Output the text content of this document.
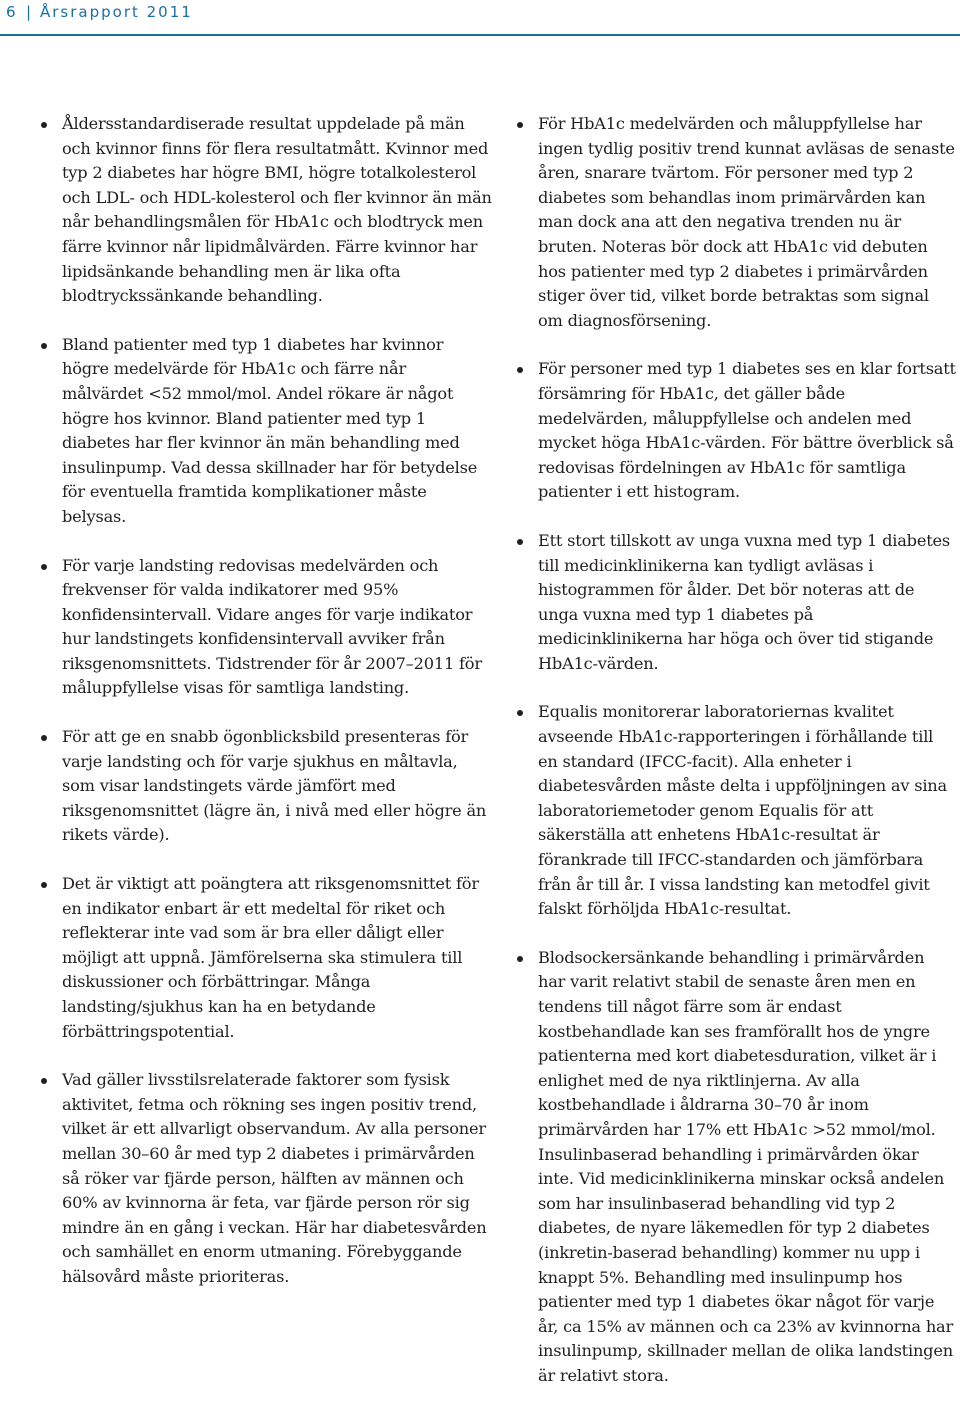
6 | Årsrapport 2011

Åldersstandardiserade resultat uppdelade på män och kvinnor finns för flera resultatmått. Kvinnor med typ 2 diabetes har högre BMI, högre totalkolesterol och LDL- och HDL-kolesterol och fler kvinnor än män når behandlingsmålen för HbA1c och blodtryck men färre kvinnor når lipidmålvärden. Färre kvinnor har lipidsänkande behandling men är lika ofta blodtryckssänkande behandling.

Bland patienter med typ 1 diabetes har kvinnor högre medelvärde för HbA1c och färre når målvärdet <52 mmol/mol. Andel rökare är något högre hos kvinnor. Bland patienter med typ 1 diabetes har fler kvinnor än män behandling med insulinpump. Vad dessa skillnader har för betydelse för eventuella framtida komplikationer måste belysas.

För varje landsting redovisas medelvärden och frekvenser för valda indikatorer med 95% konfidensintervall. Vidare anges för varje indikator hur landstingets konfidensintervall avviker från riksgenomsnittets. Tidstrender för år 2007–2011 för måluppfyllelse visas för samtliga landsting.

För att ge en snabb ögonblicksbild presenteras för varje landsting och för varje sjukhus en måltavla, som visar landstingets värde jämfört med riksgenomsnittet (lägre än, i nivå med eller högre än rikets värde).

Det är viktigt att poängtera att riksgenomsnittet för en indikator enbart är ett medeltal för riket och reflekterar inte vad som är bra eller dåligt eller möjligt att uppnå. Jämförelserna ska stimulera till diskussioner och förbättringar. Många landsting/sjukhus kan ha en betydande förbättringspotential.

Vad gäller livsstilsrelaterade faktorer som fysisk aktivitet, fetma och rökning ses ingen positiv trend, vilket är ett allvarligt observandum. Av alla personer mellan 30–60 år med typ 2 diabetes i primärvården så röker var fjärde person, hälften av männen och 60% av kvinnorna är feta, var fjärde person rör sig mindre än en gång i veckan. Här har diabetesvården och samhället en enorm utmaning. Förebyggande hälsovård måste prioriteras.

För HbA1c medelvärden och måluppfyllelse har ingen tydlig positiv trend kunnat avläsas de senaste åren, snarare tvärtom. För personer med typ 2 diabetes som behandlas inom primärvården kan man dock ana att den negativa trenden nu är bruten. Noteras bör dock att HbA1c vid debuten hos patienter med typ 2 diabetes i primärvården stiger över tid, vilket borde betraktas som signal om diagnosförsening.

För personer med typ 1 diabetes ses en klar fortsatt försämring för HbA1c, det gäller både medelvärden, måluppfyllelse och andelen med mycket höga HbA1c-värden. För bättre överblick så redovisas fördelningen av HbA1c för samtliga patienter i ett histogram.

Ett stort tillskott av unga vuxna med typ 1 diabetes till medicinklinikerna kan tydligt avläsas i histogrammen för ålder. Det bör noteras att de unga vuxna med typ 1 diabetes på medicinklinikerna har höga och över tid stigande HbA1c-värden.

Equalis monitorerar laboratoriernas kvalitet avseende HbA1c-rapporteringen i förhållande till en standard (IFCC-facit). Alla enheter i diabetesvården måste delta i uppföljningen av sina laboratoriemetoder genom Equalis för att säkerställa att enhetens HbA1c-resultat är förankrade till IFCC-standarden och jämförbara från år till år. I vissa landsting kan metodfel givit falskt förhöljda HbA1c-resultat.

Blodsockersänkande behandling i primärvården har varit relativt stabil de senaste åren men en tendens till något färre som är endast kostbehandlade kan ses framförallt hos de yngre patienterna med kort diabetesduration, vilket är i enlighet med de nya riktlinjerna. Av alla kostbehandlade i åldrarna 30–70 år inom primärvården har 17% ett HbA1c >52 mmol/mol. Insulinbaserad behandling i primärvården ökar inte. Vid medicinklinikerna minskar också andelen som har insulinbaserad behandling vid typ 2 diabetes, de nyare läkemedlen för typ 2 diabetes (inkretin-baserad behandling) kommer nu upp i knappt 5%. Behandling med insulinpump hos patienter med typ 1 diabetes ökar något för varje år, ca 15% av männen och ca 23% av kvinnorna har insulinpump, skillnader mellan de olika landstingen är relativt stora.
